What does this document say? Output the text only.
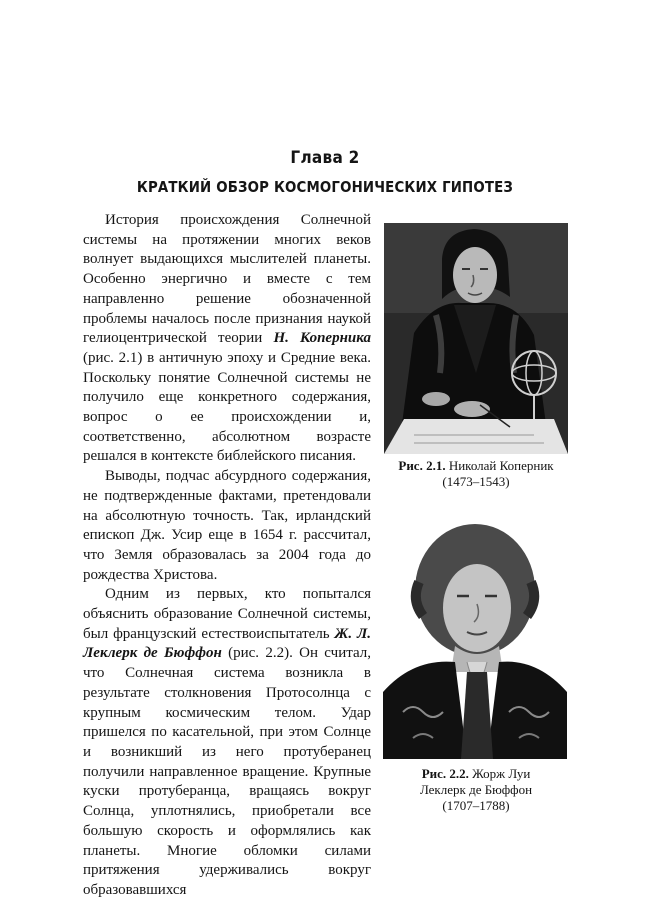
Глава 2
КРАТКИЙ ОБЗОР КОСМОГОНИЧЕСКИХ ГИПОТЕЗ

История происхождения Солнечной системы на протяжении многих веков волнует выдающихся мыслителей планеты. Особенно энергично и вместе с тем направленно решение обозначенной проблемы началось после признания наукой гелиоцентрической теории Н. Коперника (рис. 2.1) в античную эпоху и Средние века. Поскольку понятие Солнечной системы не получило еще конкретного содержания, вопрос о ее происхождении и, соответственно, абсолютном возрасте решался в контексте библейского писания.

Выводы, подчас абсурдного содержания, не подтвержденные фактами, претендовали на абсолютную точность. Так, ирландский епископ Дж. Усир еще в 1654 г. рассчитал, что Земля образовалась за 2004 года до рождества Христова.

Одним из первых, кто попытался объяснить образование Солнечной системы, был французский естествоиспытатель Ж. Л. Леклерк де Бюффон (рис. 2.2). Он считал, что Солнечная система возникла в результате столкновения Протосолнца с крупным космическим телом. Удар пришелся по касательной, при этом Солнце и возникший из него протуберанец получили направленное вращение. Крупные куски протуберанца, вращаясь вокруг Солнца, уплотнялись, приобретали все большую скорость и оформлялись как планеты. Многие обломки силами притяжения удерживались вокруг образовавшихся

Рис. 2.1. Николай Коперник
(1473–1543)
Рис. 2.2. Жорж Луи
Леклерк де Бюффон
(1707–1788)
